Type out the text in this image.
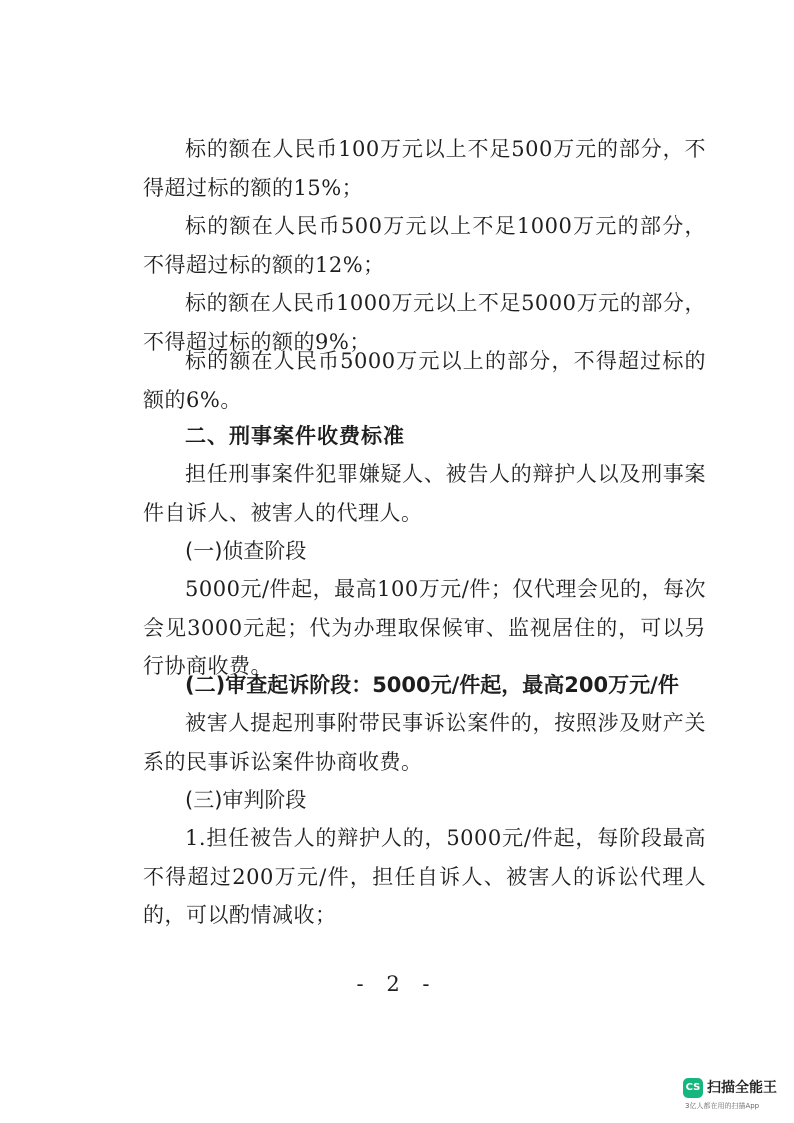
标的额在人民币100万元以上不足500万元的部分，不得超过标的额的15%；
标的额在人民币500万元以上不足1000万元的部分，不得超过标的额的12%；
标的额在人民币1000万元以上不足5000万元的部分，不得超过标的额的9%；
标的额在人民币5000万元以上的部分，不得超过标的额的6%。
二、刑事案件收费标准
担任刑事案件犯罪嫌疑人、被告人的辩护人以及刑事案件自诉人、被害人的代理人。
(一)侦查阶段
5000元/件起，最高100万元/件；仅代理会见的，每次会见3000元起；代为办理取保候审、监视居住的，可以另行协商收费。
(二)审查起诉阶段：5000元/件起，最高200万元/件
被害人提起刑事附带民事诉讼案件的，按照涉及财产关系的民事诉讼案件协商收费。
(三)审判阶段
1.担任被告人的辩护人的，5000元/件起，每阶段最高不得超过200万元/件，担任自诉人、被害人的诉讼代理人的，可以酌情减收；
- 2 -
CS 扫描全能王
3亿人都在用的扫描App
